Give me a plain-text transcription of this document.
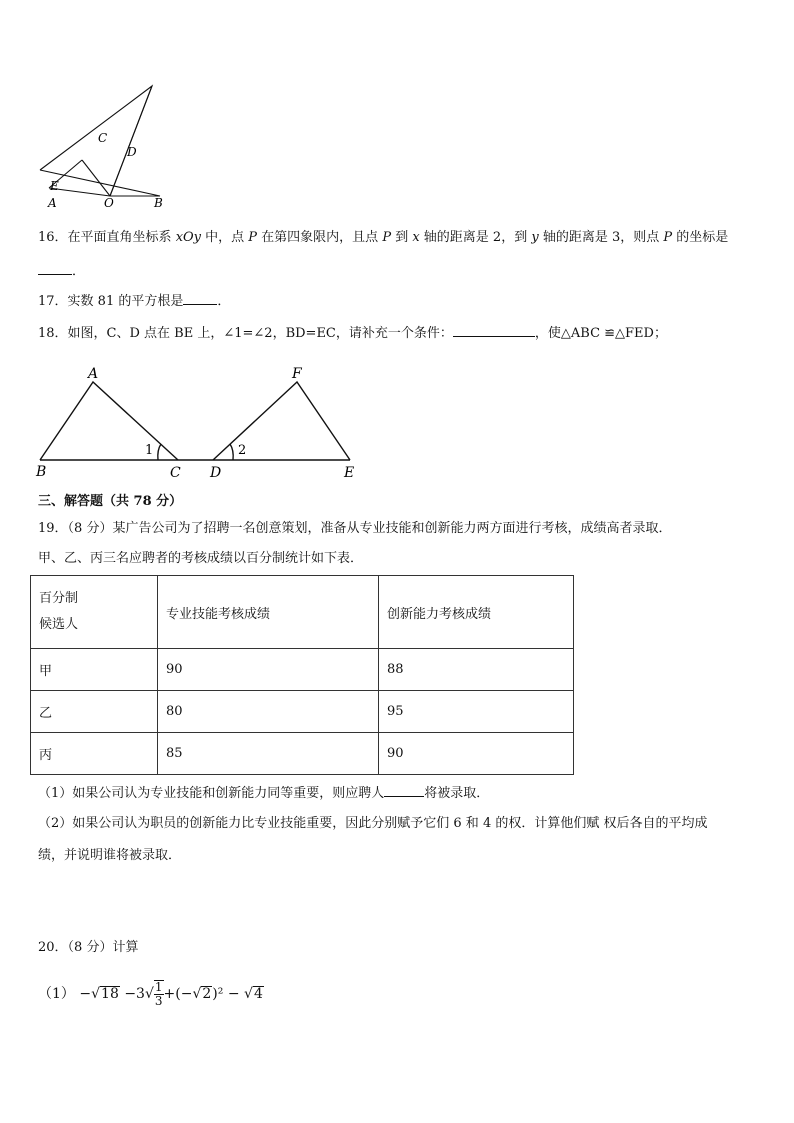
C
D
E
A	O	B
16．在平面直角坐标系 xOy 中，点 P 在第四象限内，且点 P 到 x 轴的距离是 2，到 y 轴的距离是 3，则点 P 的坐标是
．
17．实数 81 的平方根是	．
18．如图，C、D 点在 BE 上，∠1=∠2，BD=EC，请补充一个条件：	，使△ABC ≌△FED；
A
B	C
1
D
2
F
E
三、解答题（共 78 分）
19．（8 分）某广告公司为了招聘一名创意策划，准备从专业技能和创新能力两方面进行考核，成绩高者录取．
甲、乙、丙三名应聘者的考核成绩以百分制统计如下表．
百分制
候选人	专业技能考核成绩	创新能力考核成绩
甲	90	88
乙	80	95
丙	85	90
（1）如果公司认为专业技能和创新能力同等重要，则应聘人	将被录取．
（2）如果公司认为职员的创新能力比专业技能重要，因此分别赋予它们 6 和 4 的权．计算他们赋 权后各自的平均成
绩，并说明谁将被录取．
20．（8 分）计算
$(1) -√18 -3√ \frac{1}{3} +(-√2)^2 - √4$
